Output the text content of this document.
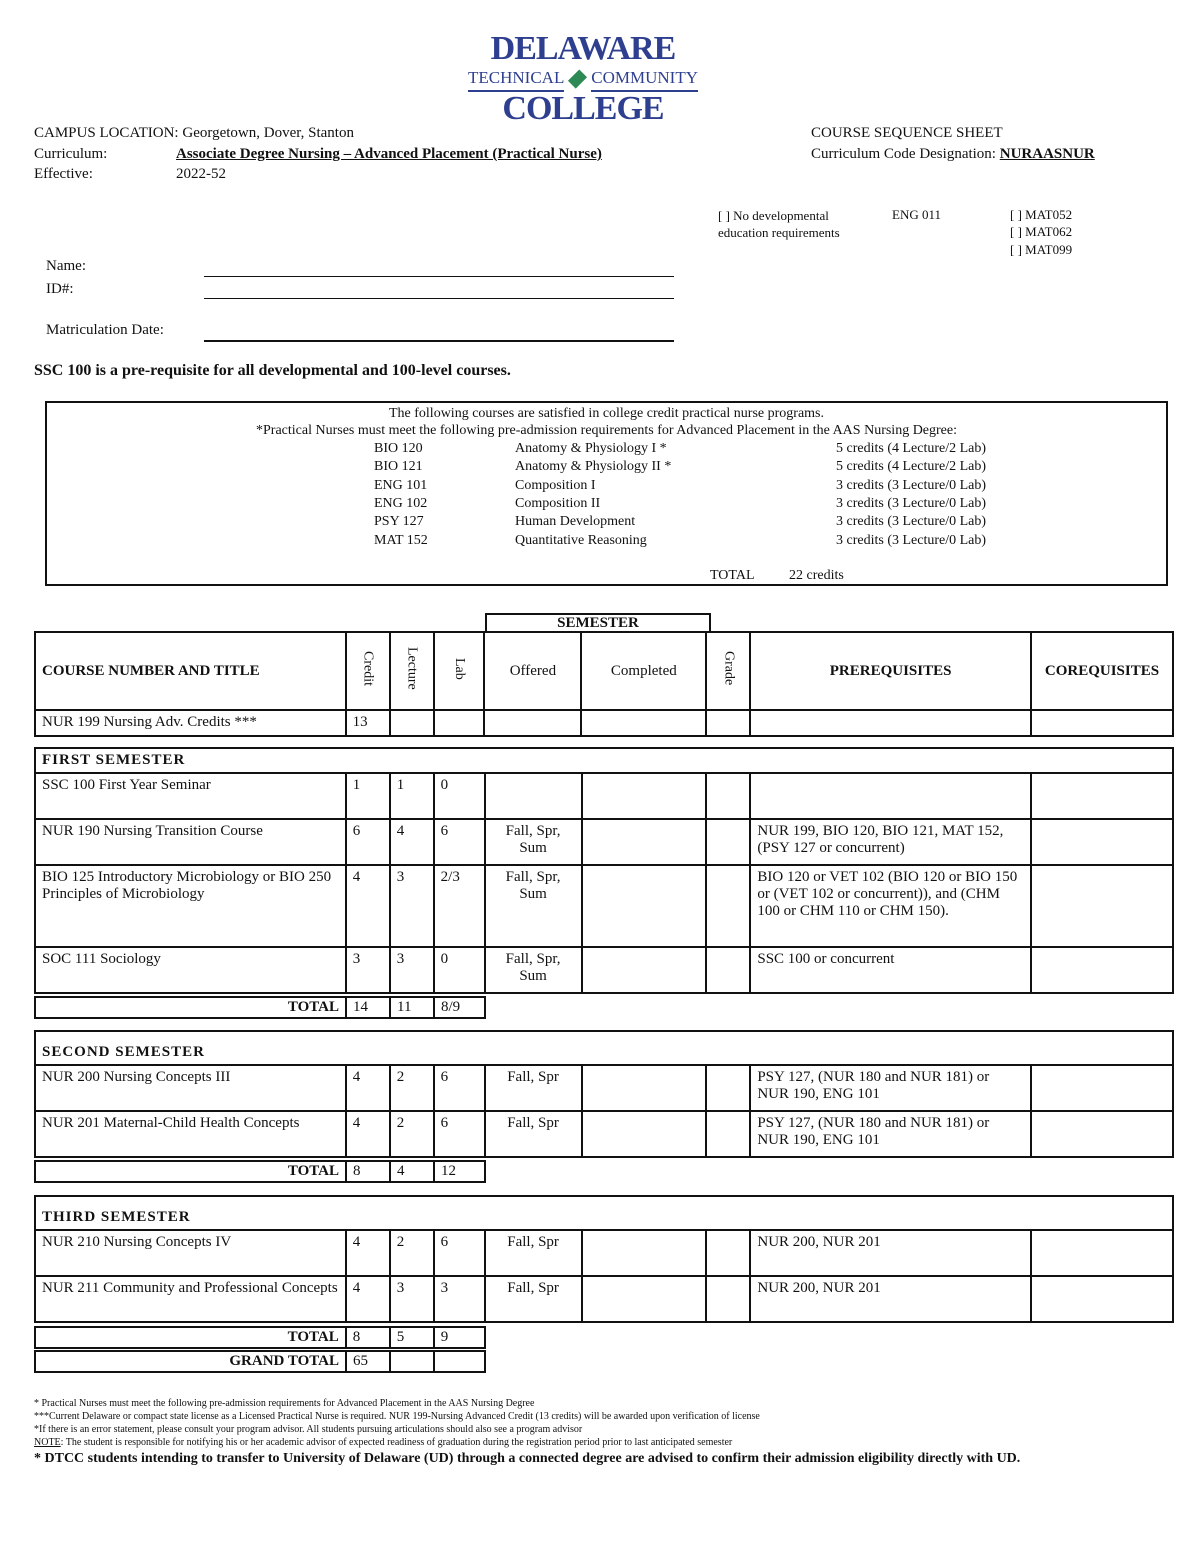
DELAWARE
TECHNICAL COMMUNITY
COLLEGE
CAMPUS LOCATION: Georgetown, Dover, Stanton
Curriculum:	Associate Degree Nursing – Advanced Placement (Practical Nurse)
Effective:	2022-52
COURSE SEQUENCE SHEET
Curriculum Code Designation: NURAASNUR
[ ] No developmental education requirements
ENG 011	[ ] MAT052
[ ] MAT062
[ ] MAT099
Name:
ID#:
Matriculation Date:
SSC 100 is a pre-requisite for all developmental and 100-level courses.
The following courses are satisfied in college credit practical nurse programs.
*Practical Nurses must meet the following pre-admission requirements for Advanced Placement in the AAS Nursing Degree:
BIO 120	Anatomy & Physiology I *	5 credits (4 Lecture/2 Lab)
BIO 121	Anatomy & Physiology II *	5 credits (4 Lecture/2 Lab)
ENG 101	Composition I	3 credits (3 Lecture/0 Lab)
ENG 102	Composition II	3 credits (3 Lecture/0 Lab)
PSY 127	Human Development	3 credits (3 Lecture/0 Lab)
MAT 152	Quantitative Reasoning	3 credits (3 Lecture/0 Lab)
TOTAL 22 credits
SEMESTER
COURSE NUMBER AND TITLE	Credit	Lecture	Lab	Offered	Completed	Grade	PREREQUISITES	COREQUISITES
NUR 199 Nursing Adv. Credits ***	13							
FIRST SEMESTER								
SSC 100 First Year Seminar	1	1	0					
NUR 190 Nursing Transition Course	6	4	6	Fall, Spr, Sum			NUR 199, BIO 120, BIO 121, MAT 152, (PSY 127 or concurrent)	
BIO 125 Introductory Microbiology or BIO 250 Principles of Microbiology	4	3	2/3	Fall, Spr, Sum			BIO 120 or VET 102 (BIO 120 or BIO 150 or (VET 102 or concurrent)), and (CHM 100 or CHM 110 or CHM 150).	
SOC 111 Sociology	3	3	0	Fall, Spr, Sum			SSC 100 or concurrent	
TOTAL	14	11	8/9
SECOND SEMESTER								
NUR 200 Nursing Concepts III	4	2	6	Fall, Spr			PSY 127, (NUR 180 and NUR 181) or NUR 190, ENG 101	
NUR 201 Maternal-Child Health Concepts	4	2	6	Fall, Spr			PSY 127, (NUR 180 and NUR 181) or NUR 190, ENG 101	
TOTAL	8	4	12
THIRD SEMESTER								
NUR 210 Nursing Concepts IV	4	2	6	Fall, Spr			NUR 200, NUR 201	
NUR 211 Community and Professional Concepts	4	3	3	Fall, Spr			NUR 200, NUR 201	
TOTAL	8	5	9	
GRAND TOTAL	65		
* Practical Nurses must meet the following pre-admission requirements for Advanced Placement in the AAS Nursing Degree
***Current Delaware or compact state license as a Licensed Practical Nurse is required. NUR 199-Nursing Advanced Credit (13 credits) will be awarded upon verification of license
*If there is an error statement, please consult your program advisor. All students pursuing articulations should also see a program advisor
NOTE: The student is responsible for notifying his or her academic advisor of expected readiness of graduation during the registration period prior to last anticipated semester
* DTCC students intending to transfer to University of Delaware (UD) through a connected degree are advised to confirm their admission eligibility directly with UD.
